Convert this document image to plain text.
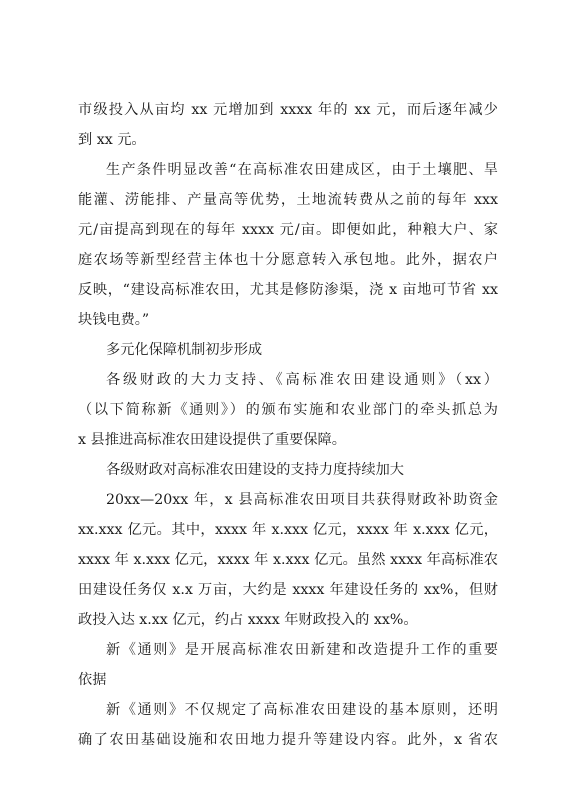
市级投入从亩均 xx 元增加到 xxxx 年的 xx 元，而后逐年减少
到 xx 元。
生产条件明显改善“在高标准农田建成区，由于土壤肥、旱
能灌、涝能排、产量高等优势，土地流转费从之前的每年 xxx
元/亩提高到现在的每年 xxxx 元/亩。即便如此，种粮大户、家
庭农场等新型经营主体也十分愿意转入承包地。此外，据农户
反映，“建设高标准农田，尤其是修防渗渠，浇 x 亩地可节省 xx
块钱电费。”
多元化保障机制初步形成
各级财政的大力支持、《高标准农田建设通则》（xx）
（以下简称新《通则》）的颁布实施和农业部门的牵头抓总为
x 县推进高标准农田建设提供了重要保障。
各级财政对高标准农田建设的支持力度持续加大
20xx—20xx 年，x 县高标准农田项目共获得财政补助资金
xx.xxx 亿元。其中，xxxx 年 x.xxx 亿元，xxxx 年 x.xxx 亿元，
xxxx 年 x.xxx 亿元，xxxx 年 x.xxx 亿元。虽然 xxxx 年高标准农
田建设任务仅 x.x 万亩，大约是 xxxx 年建设任务的 xx%，但财
政投入达 x.xx 亿元，约占 xxxx 年财政投入的 xx%。
新《通则》是开展高标准农田新建和改造提升工作的重要
依据
新《通则》不仅规定了高标准农田建设的基本原则，还明
确了农田基础设施和农田地力提升等建设内容。此外，x 省农
